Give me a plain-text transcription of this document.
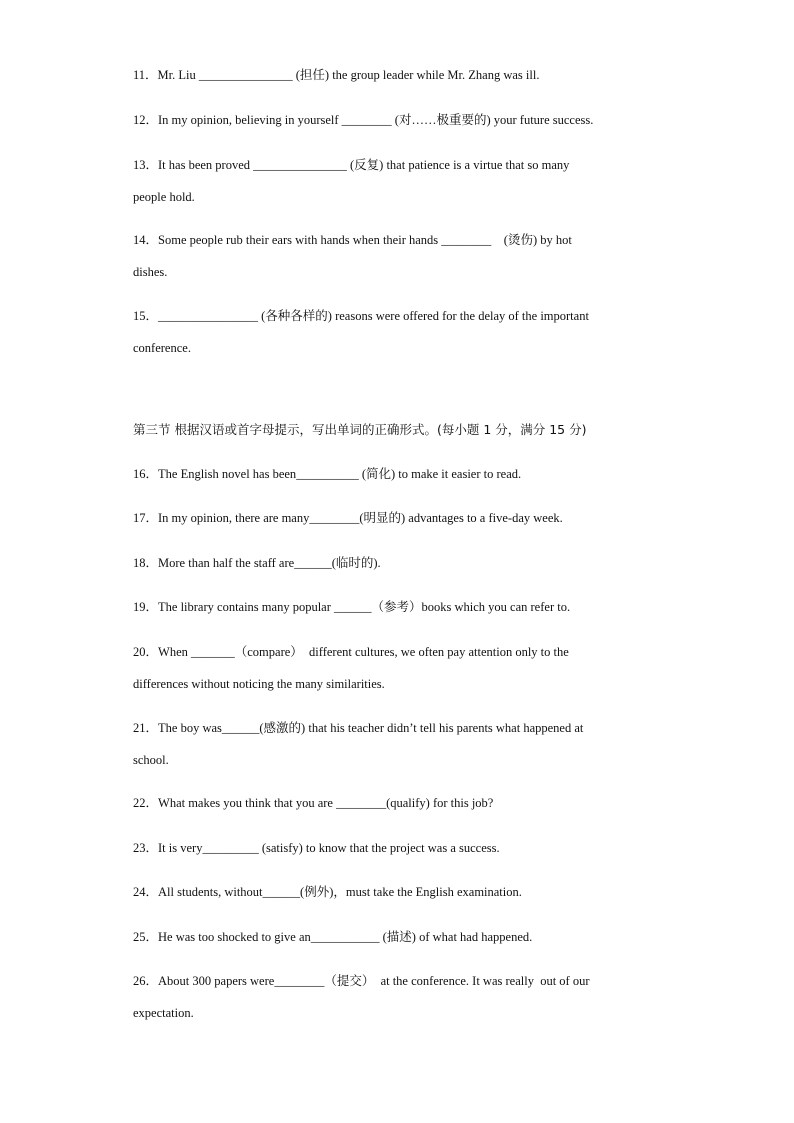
11．Mr. Liu _______________ (担任) the group leader while Mr. Zhang was ill.
12．In my opinion, believing in yourself ________ (对……极重要的) your future success.
13．It has been proved _______________ (反复) that patience is a virtue that so many
people hold.
14．Some people rub their ears with hands when their hands ________    (烫伤) by hot
dishes.
15．________________ (各种各样的) reasons were offered for the delay of the important
conference.
第三节 根据汉语或首字母提示，写出单词的正确形式。(每小题 1 分，满分 15 分)
16．The English novel has been__________ (简化) to make it easier to read.
17．In my opinion, there are many________(明显的) advantages to a five-day week.
18．More than half the staff are______(临时的).
19．The library contains many popular ______（参考）books which you can refer to.
20．When _______（compare）  different cultures, we often pay attention only to the
differences without noticing the many similarities.
21．The boy was______(感激的) that his teacher didn’t tell his parents what happened at
school.
22．What makes you think that you are ________(qualify) for this job?
23．It is very_________ (satisfy) to know that the project was a success.
24．All students, without______(例外)，must take the English examination.
25．He was too shocked to give an___________ (描述) of what had happened.
26．About 300 papers were________（提交）  at the conference. It was really  out of our
expectation.
